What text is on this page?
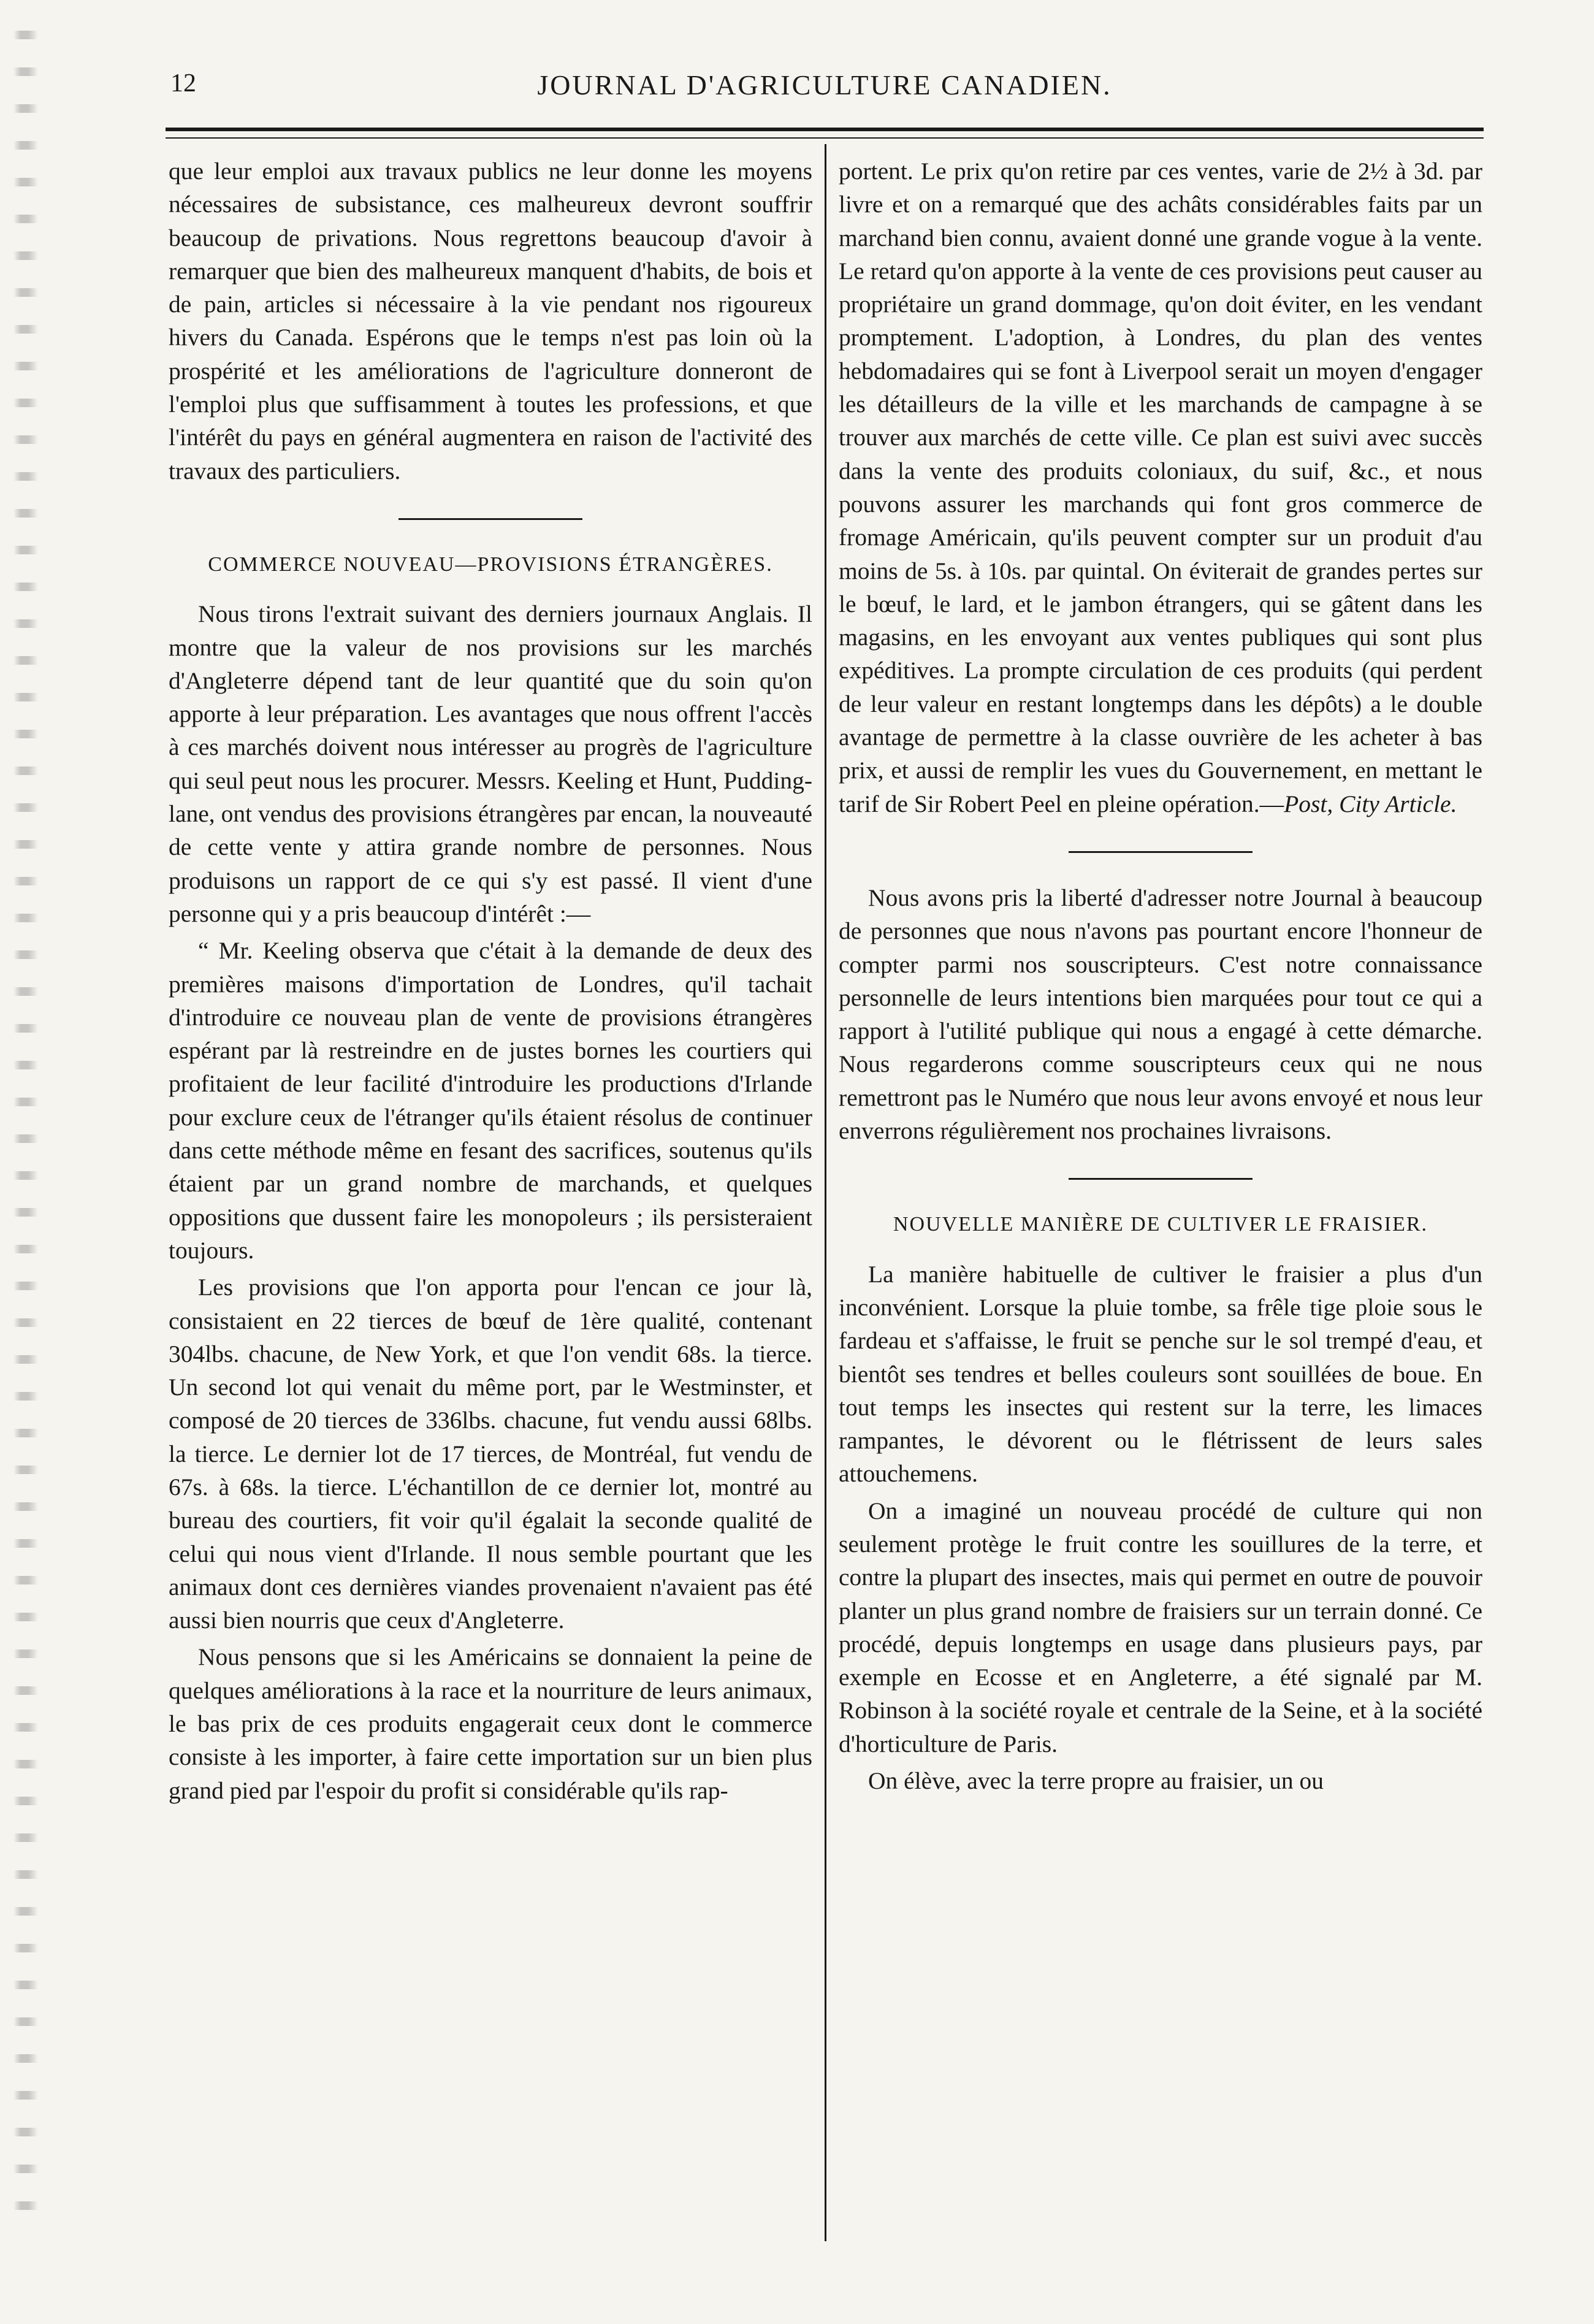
12	JOURNAL D'AGRICULTURE CANADIEN.

que leur emploi aux travaux publics ne leur donne les moyens nécessaires de subsistance, ces malheureux devront souffrir beaucoup de privations. Nous regrettons beaucoup d'avoir à remarquer que bien des malheureux manquent d'habits, de bois et de pain, articles si nécessaire à la vie pendant nos rigoureux hivers du Canada. Espérons que le temps n'est pas loin où la prospérité et les améliorations de l'agriculture donneront de l'emploi plus que suffisamment à toutes les professions, et que l'intérêt du pays en général augmentera en raison de l'activité des travaux des particuliers.

COMMERCE NOUVEAU—PROVISIONS ÉTRANGÈRES.

Nous tirons l'extrait suivant des derniers journaux Anglais. Il montre que la valeur de nos provisions sur les marchés d'Angleterre dépend tant de leur quantité que du soin qu'on apporte à leur préparation. Les avantages que nous offrent l'accès à ces marchés doivent nous intéresser au progrès de l'agriculture qui seul peut nous les procurer. Messrs. Keeling et Hunt, Pudding-lane, ont vendus des provisions étrangères par encan, la nouveauté de cette vente y attira grande nombre de personnes. Nous produisons un rapport de ce qui s'y est passé. Il vient d'une personne qui y a pris beaucoup d'intérêt :—

“ Mr. Keeling observa que c'était à la demande de deux des premières maisons d'importation de Londres, qu'il tachait d'introduire ce nouveau plan de vente de provisions étrangères espérant par là restreindre en de justes bornes les courtiers qui profitaient de leur facilité d'introduire les productions d'Irlande pour exclure ceux de l'étranger qu'ils étaient résolus de continuer dans cette méthode même en fesant des sacrifices, soutenus qu'ils étaient par un grand nombre de marchands, et quelques oppositions que dussent faire les monopoleurs ; ils persisteraient toujours.

Les provisions que l'on apporta pour l'encan ce jour là, consistaient en 22 tierces de bœuf de 1ère qualité, contenant 304lbs. chacune, de New York, et que l'on vendit 68s. la tierce. Un second lot qui venait du même port, par le Westminster, et composé de 20 tierces de 336lbs. chacune, fut vendu aussi 68lbs. la tierce. Le dernier lot de 17 tierces, de Montréal, fut vendu de 67s. à 68s. la tierce. L'échantillon de ce dernier lot, montré au bureau des courtiers, fit voir qu'il égalait la seconde qualité de celui qui nous vient d'Irlande. Il nous semble pourtant que les animaux dont ces dernières viandes provenaient n'avaient pas été aussi bien nourris que ceux d'Angleterre.

Nous pensons que si les Américains se donnaient la peine de quelques améliorations à la race et la nourriture de leurs animaux, le bas prix de ces produits engagerait ceux dont le commerce consiste à les importer, à faire cette importation sur un bien plus grand pied par l'espoir du profit si considérable qu'ils rap-

portent. Le prix qu'on retire par ces ventes, varie de 2½ à 3d. par livre et on a remarqué que des achâts considérables faits par un marchand bien connu, avaient donné une grande vogue à la vente. Le retard qu'on apporte à la vente de ces provisions peut causer au propriétaire un grand dommage, qu'on doit éviter, en les vendant promptement. L'adoption, à Londres, du plan des ventes hebdomadaires qui se font à Liverpool serait un moyen d'engager les détailleurs de la ville et les marchands de campagne à se trouver aux marchés de cette ville. Ce plan est suivi avec succès dans la vente des produits coloniaux, du suif, &c., et nous pouvons assurer les marchands qui font gros commerce de fromage Américain, qu'ils peuvent compter sur un produit d'au moins de 5s. à 10s. par quintal. On éviterait de grandes pertes sur le bœuf, le lard, et le jambon étrangers, qui se gâtent dans les magasins, en les envoyant aux ventes publiques qui sont plus expéditives. La prompte circulation de ces produits (qui perdent de leur valeur en restant longtemps dans les dépôts) a le double avantage de permettre à la classe ouvrière de les acheter à bas prix, et aussi de remplir les vues du Gouvernement, en mettant le tarif de Sir Robert Peel en pleine opération.—Post, City Article.

Nous avons pris la liberté d'adresser notre Journal à beaucoup de personnes que nous n'avons pas pourtant encore l'honneur de compter parmi nos souscripteurs. C'est notre connaissance personnelle de leurs intentions bien marquées pour tout ce qui a rapport à l'utilité publique qui nous a engagé à cette démarche. Nous regarderons comme souscripteurs ceux qui ne nous remettront pas le Numéro que nous leur avons envoyé et nous leur enverrons régulièrement nos prochaines livraisons.

NOUVELLE MANIÈRE DE CULTIVER LE FRAISIER.

La manière habituelle de cultiver le fraisier a plus d'un inconvénient. Lorsque la pluie tombe, sa frêle tige ploie sous le fardeau et s'affaisse, le fruit se penche sur le sol trempé d'eau, et bientôt ses tendres et belles couleurs sont souillées de boue. En tout temps les insectes qui restent sur la terre, les limaces rampantes, le dévorent ou le flétrissent de leurs sales attouchemens.

On a imaginé un nouveau procédé de culture qui non seulement protège le fruit contre les souillures de la terre, et contre la plupart des insectes, mais qui permet en outre de pouvoir planter un plus grand nombre de fraisiers sur un terrain donné. Ce procédé, depuis longtemps en usage dans plusieurs pays, par exemple en Ecosse et en Angleterre, a été signalé par M. Robinson à la société royale et centrale de la Seine, et à la société d'horticulture de Paris.

On élève, avec la terre propre au fraisier, un ou
